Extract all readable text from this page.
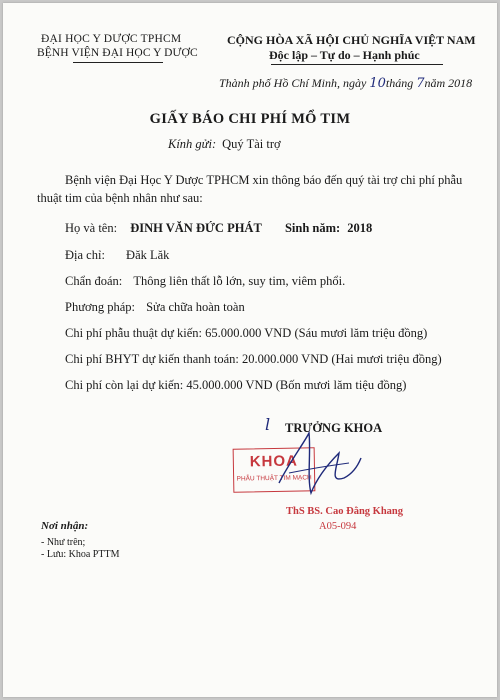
ĐẠI HỌC Y DƯỢC TPHCM
BỆNH VIỆN ĐẠI HỌC Y DƯỢC
CỘNG HÒA XÃ HỘI CHỦ NGHĨA VIỆT NAM
Độc lập – Tự do – Hạnh phúc
Thành phố Hồ Chí Minh, ngày 10tháng 7năm 2018
GIẤY BÁO CHI PHÍ MỔ TIM
Kính gửi: Quý Tài trợ
Bệnh viện Đại Học Y Dược TPHCM xin thông báo đến quý tài trợ chi phí phẫu
thuật tim của bệnh nhân như sau:
Họ và tên: ĐINH VĂN ĐỨC PHÁT Sinh năm: 2018
Địa chỉ: Đăk Lăk
Chẩn đoán: Thông liên thất lỗ lớn, suy tim, viêm phổi.
Phương pháp: Sửa chữa hoàn toàn
Chi phí phẫu thuật dự kiến: 65.000.000 VND (Sáu mươi lăm triệu đồng)
Chi phí BHYT dự kiến thanh toán: 20.000.000 VND (Hai mươi triệu đồng)
Chi phí còn lại dự kiến: 45.000.000 VND (Bốn mươi lăm tiệu đồng)
l TRƯỞNG KHOA
KHOA
PHẪU THUẬT TIM MẠCH
ThS BS. Cao Đằng Khang
A05-094
Nơi nhận:
- Như trên;
- Lưu: Khoa PTTM
